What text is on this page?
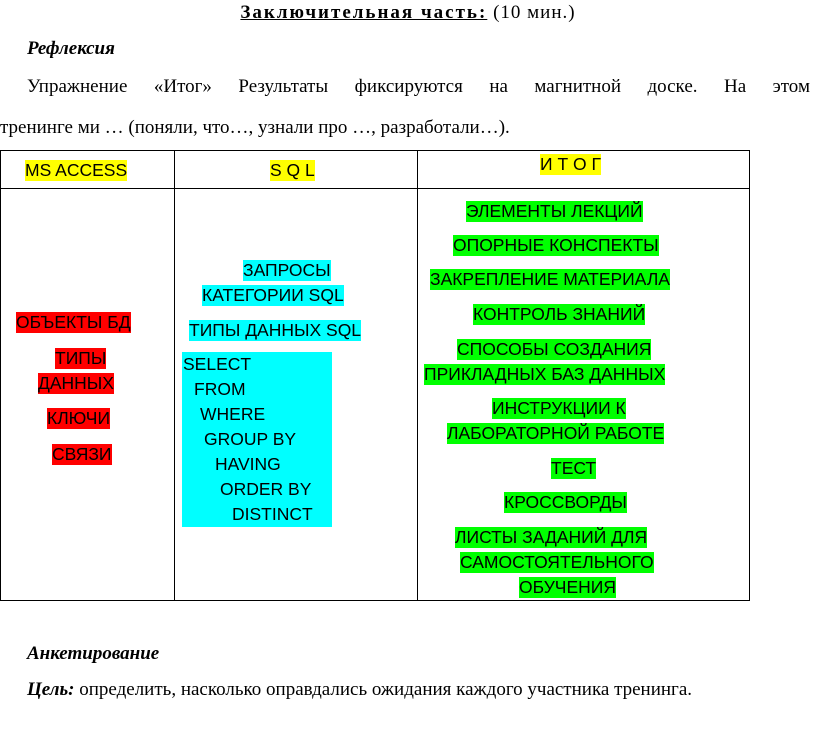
Заключительная часть: (10 мин.)
Рефлексия
Упражнение «Итог» Результаты фиксируются на магнитной доске. На этом
тренинге ми … (поняли, что…, узнали про …, разработали…).
MS ACCESS	S Q L	И Т О Г
ОБЪЕКТЫ БД
ТИПЫ
ДАННЫХ
КЛЮЧИ
СВЯЗИ
ЗАПРОСЫ
КАТЕГОРИИ SQL
ТИПЫ ДАННЫХ SQL
SELECT
FROM
WHERE
GROUP BY
HAVING
ORDER BY
DISTINCT
ЭЛЕМЕНТЫ ЛЕКЦИЙ
ОПОРНЫЕ КОНСПЕКТЫ
ЗАКРЕПЛЕНИЕ МАТЕРИАЛА
КОНТРОЛЬ ЗНАНИЙ
СПОСОБЫ СОЗДАНИЯ
ПРИКЛАДНЫХ БАЗ ДАННЫХ
ИНСТРУКЦИИ К
ЛАБОРАТОРНОЙ РАБОТЕ
ТЕСТ
КРОССВОРДЫ
ЛИСТЫ ЗАДАНИЙ ДЛЯ
САМОСТОЯТЕЛЬНОГО
ОБУЧЕНИЯ
Анкетирование
Цель: определить, насколько оправдались ожидания каждого участника тренинга.
